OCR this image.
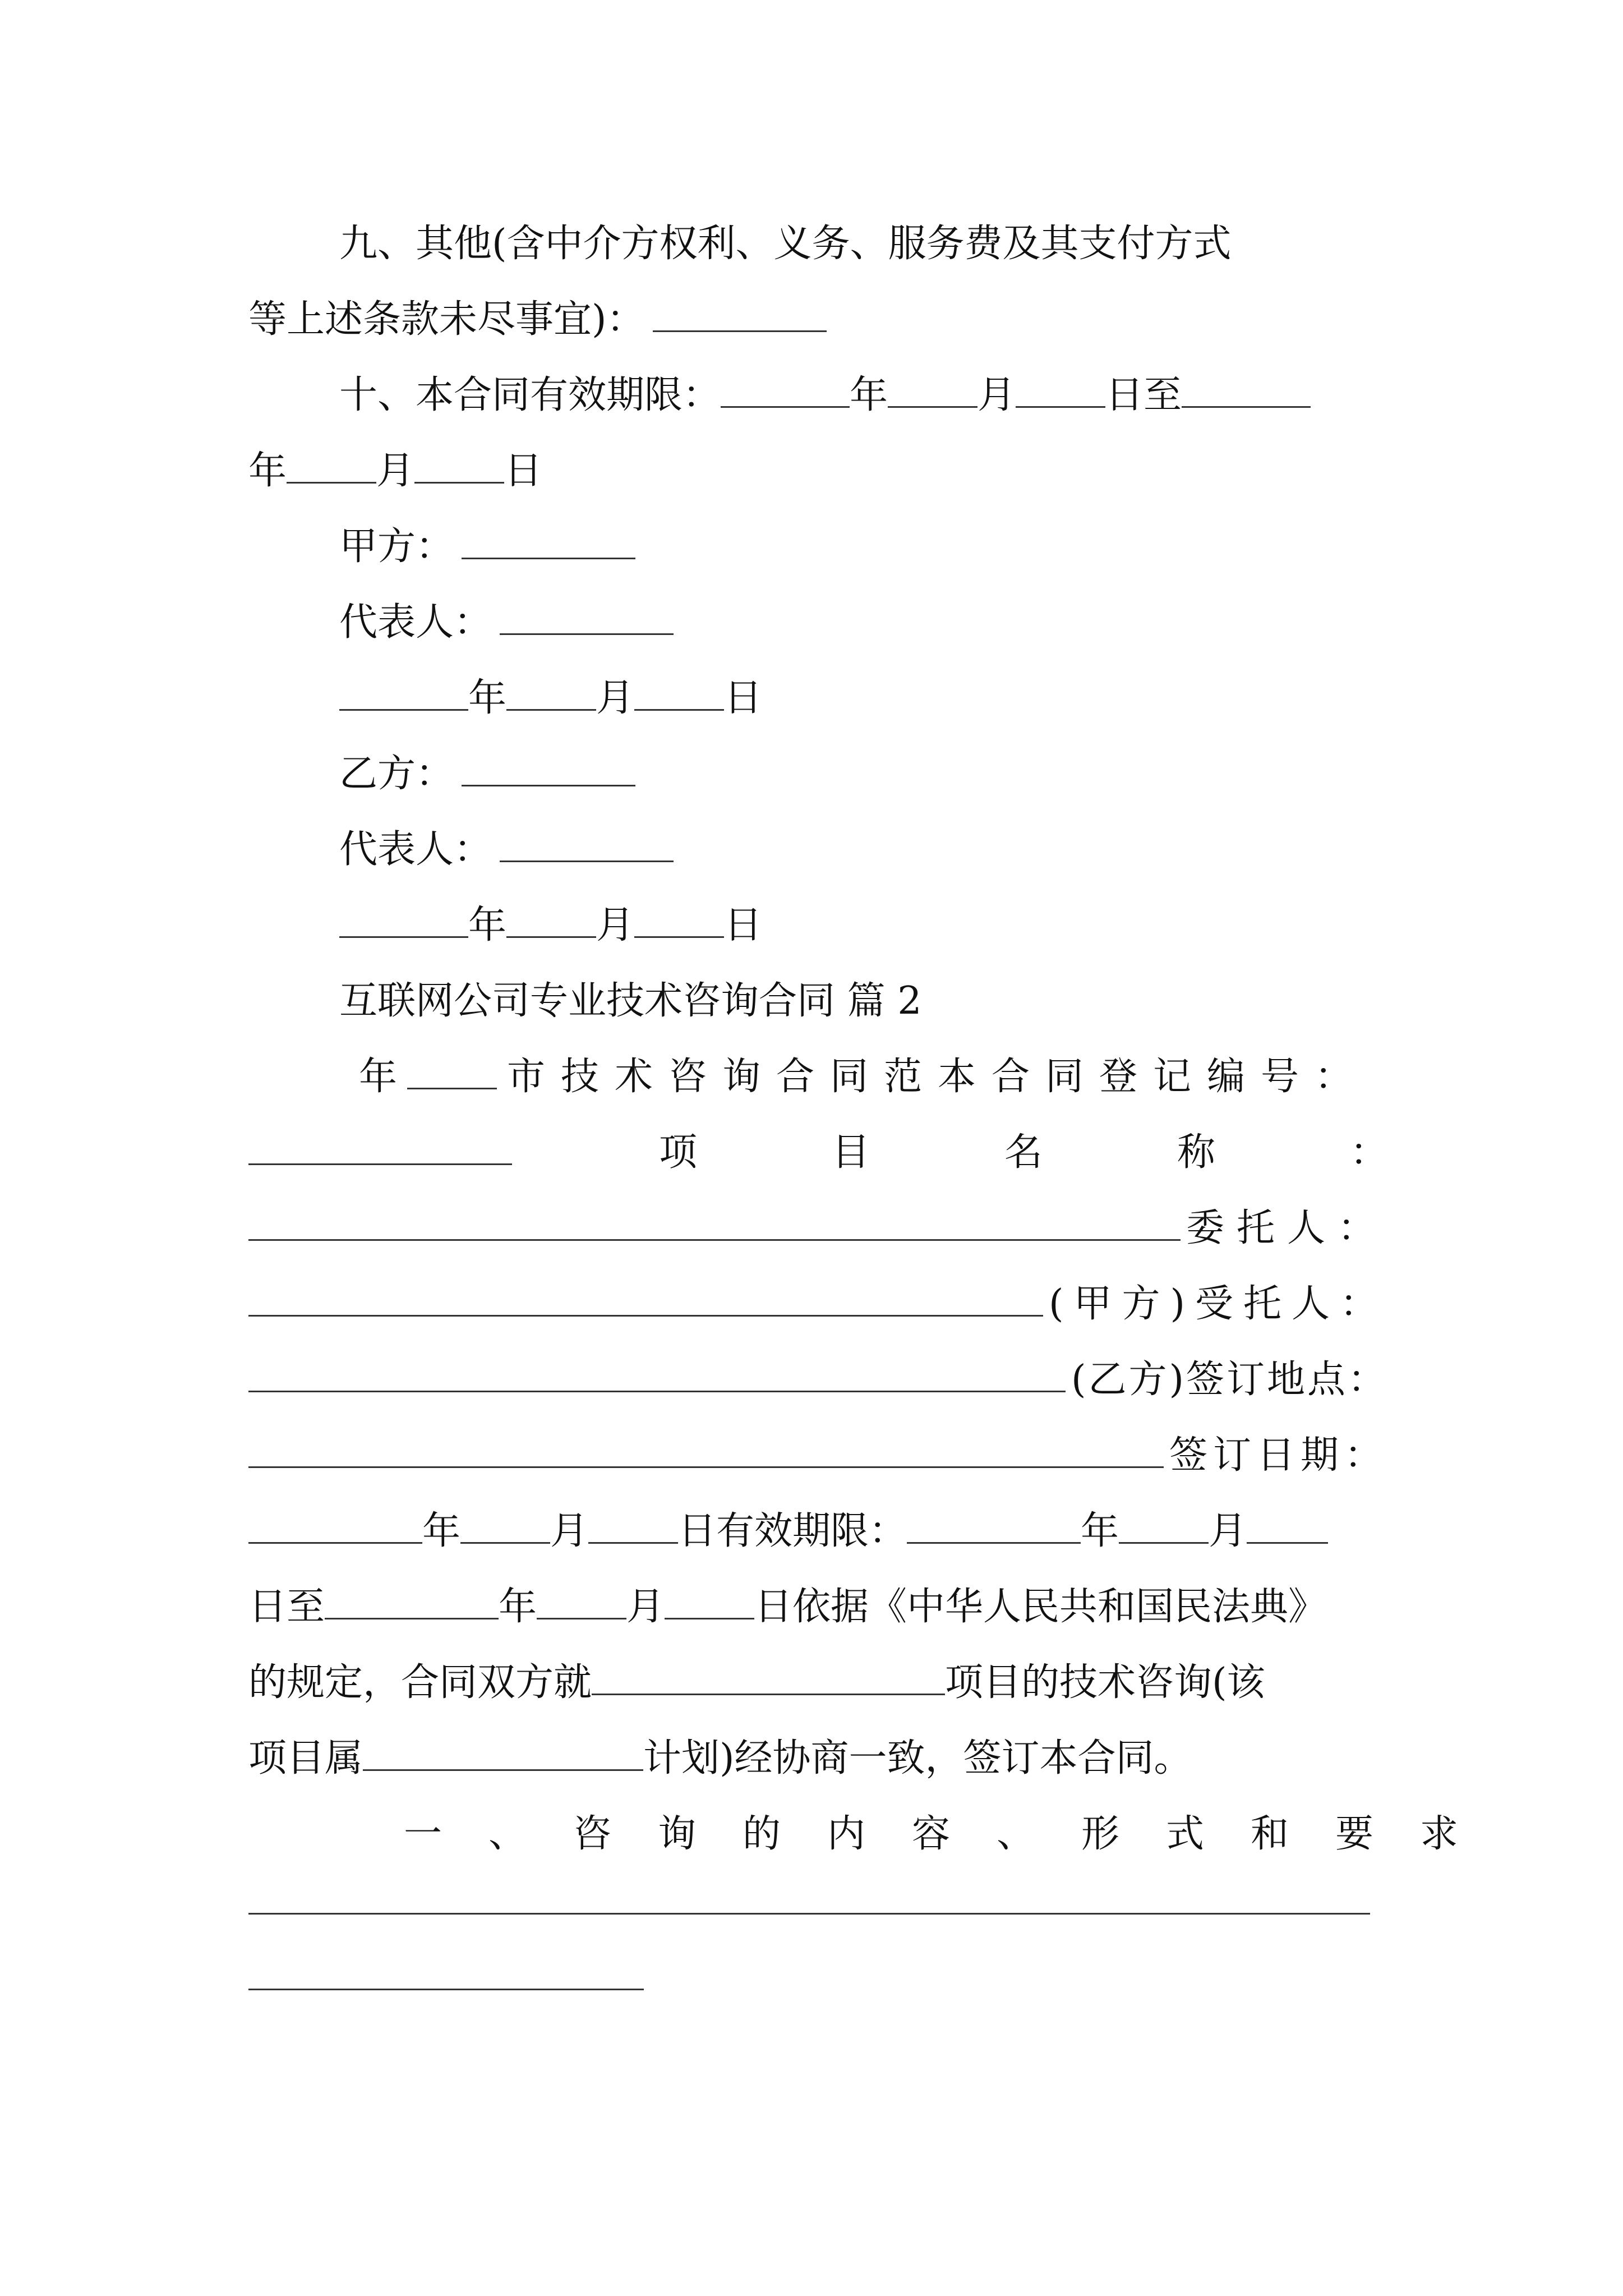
九、其他(含中介方权利、义务、服务费及其支付方式
等上述条款未尽事宜)：
十、本合同有效期限：	年 月 日至
年 月 日
甲方：
代表人：
年 月 日
乙方：
代表人：
年 月 日
互联网公司专业技术咨询合同 篇 2
年	市技术咨询合同范本合同登记编号：
项目名称：
委托人：
(甲方)受托人：
(乙方)签订地点：
签订日期：
年 月 日有效期限：	年 月
日至	年 月 日依据《中华人民共和国民法典》
的规定，合同双方就	项目的技术咨询(该
项目属	计划)经协商一致，签订本合同。
一、咨询的内容、形式和要求
